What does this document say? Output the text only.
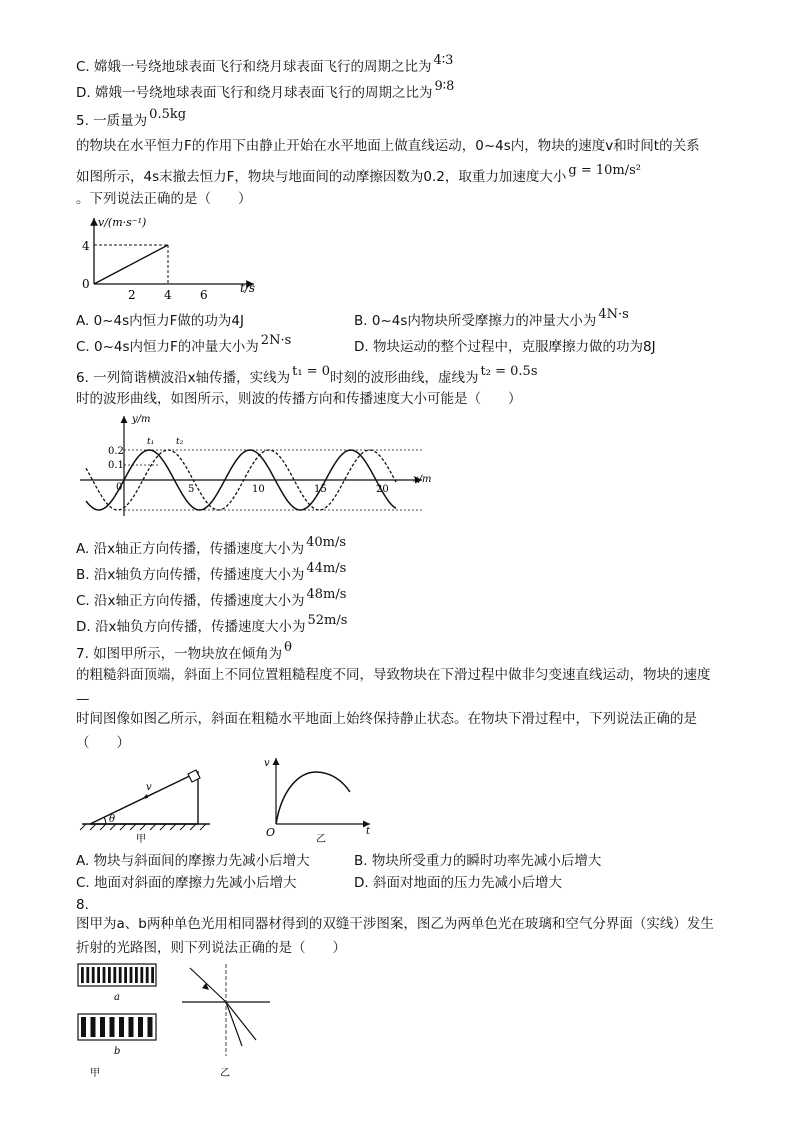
C. 嫦娥一号绕地球表面飞行和绕月球表面飞行的周期之比为 4∶3
D. 嫦娥一号绕地球表面飞行和绕月球表面飞行的周期之比为 9∶8
5. 一质量为 0.5kg
的物块在水平恒力F的作用下由静止开始在水平地面上做直线运动，0~4s内，物块的速度v和时间t的关系
如图所示，4s末撤去恒力F，物块与地面间的动摩擦因数为0.2，取重力加速度大小 g = 10m/s²
。下列说法正确的是（　　）
v/(m·s⁻¹)
t/s
4
0
2 4 6
A. 0~4s内恒力F做的功为4J	B. 0~4s内物块所受摩擦力的冲量大小为 4N·s
C. 0~4s内恒力F的冲量大小为 2N·s	D. 物块运动的整个过程中，克服摩擦力做的功为8J
6. 一列简谐横波沿x轴传播，实线为 t₁ = 0时刻的波形曲线，虚线为 t₂ = 0.5s
时的波形曲线，如图所示，则波的传播方向和传播速度大小可能是（　　）
y/m
x/m
0.2
0.1
0	5	10	15	20
t₁ t₂
A. 沿x轴正方向传播，传播速度大小为 40m/s
B. 沿x轴负方向传播，传播速度大小为 44m/s
C. 沿x轴正方向传播，传播速度大小为 48m/s
D. 沿x轴负方向传播，传播速度大小为 52m/s
7. 如图甲所示，一物块放在倾角为 θ
的粗糙斜面顶端，斜面上不同位置粗糙程度不同，导致物块在下滑过程中做非匀变速直线运动，物块的速度—
时间图像如图乙所示，斜面在粗糙水平地面上始终保持静止状态。在物块下滑过程中，下列说法正确的是（　　）
v
θ
甲
v
t
O
乙
A. 物块与斜面间的摩擦力先减小后增大	B. 物块所受重力的瞬时功率先减小后增大
C. 地面对斜面的摩擦力先减小后增大	D. 斜面对地面的压力先减小后增大
8.
图甲为a、b两种单色光用相同器材得到的双缝干涉图案，图乙为两单色光在玻璃和空气分界面（实线）发生折射的光路图，则下列说法正确的是（　　）
a
b
甲	乙
